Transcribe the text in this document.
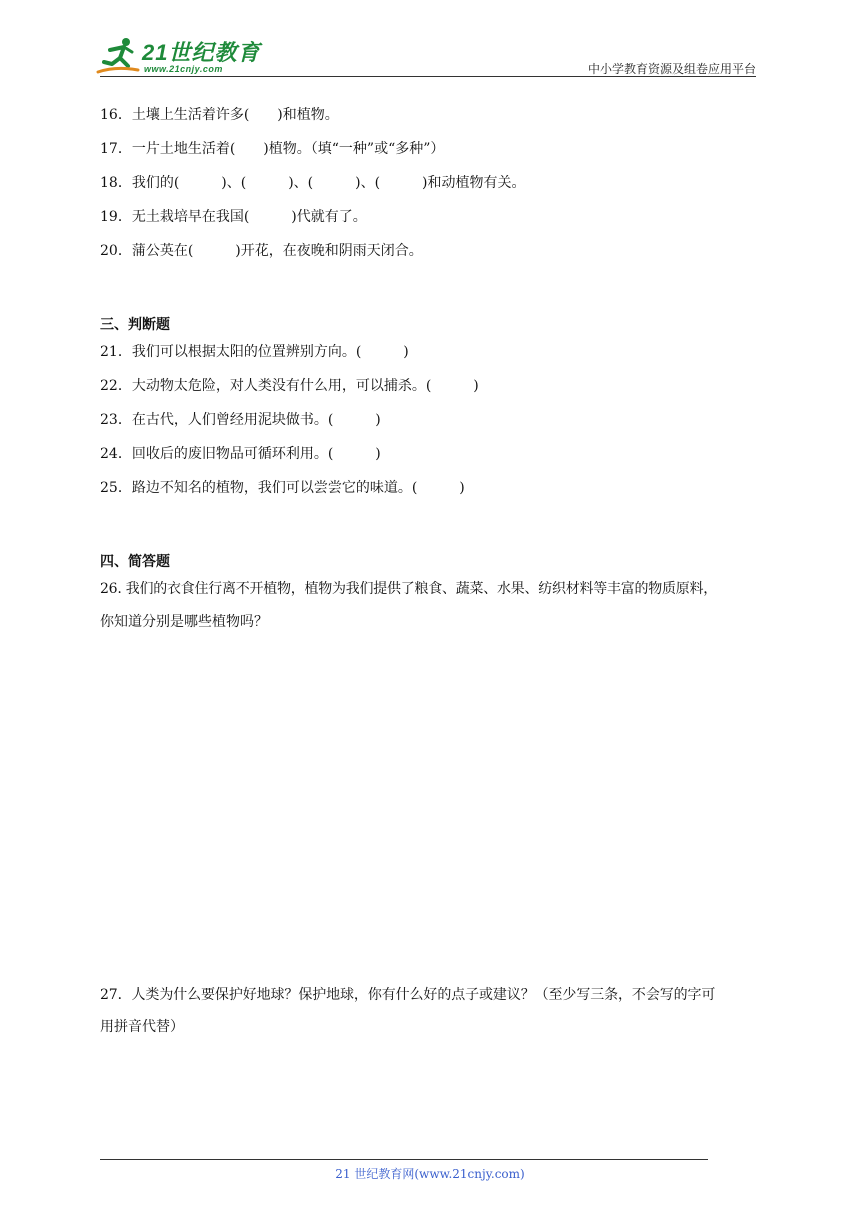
21世纪教育
www.21cnjy.com	中小学教育资源及组卷应用平台
16．土壤上生活着许多(　　)和植物。
17．一片土地生活着(　　)植物。（填“一种”或“多种”）
18．我们的(　　　)、(　　　)、(　　　)、(　　　)和动植物有关。
19．无土栽培早在我国(　　　)代就有了。
20．蒲公英在(　　　)开花，在夜晚和阴雨天闭合。
三、判断题
21．我们可以根据太阳的位置辨别方向。(　　　)
22．大动物太危险，对人类没有什么用，可以捕杀。(　　　)
23．在古代，人们曾经用泥块做书。(　　　)
24．回收后的废旧物品可循环利用。(　　　)
25．路边不知名的植物，我们可以尝尝它的味道。(　　　)
四、简答题
26. 我们的衣食住行离不开植物，植物为我们提供了粮食、蔬菜、水果、纺织材料等丰富的物质原料，
你知道分别是哪些植物吗？
27．人类为什么要保护好地球？保护地球，你有什么好的点子或建议？（至少写三条，不会写的字可
用拼音代替）
21 世纪教育网(www.21cnjy.com)
